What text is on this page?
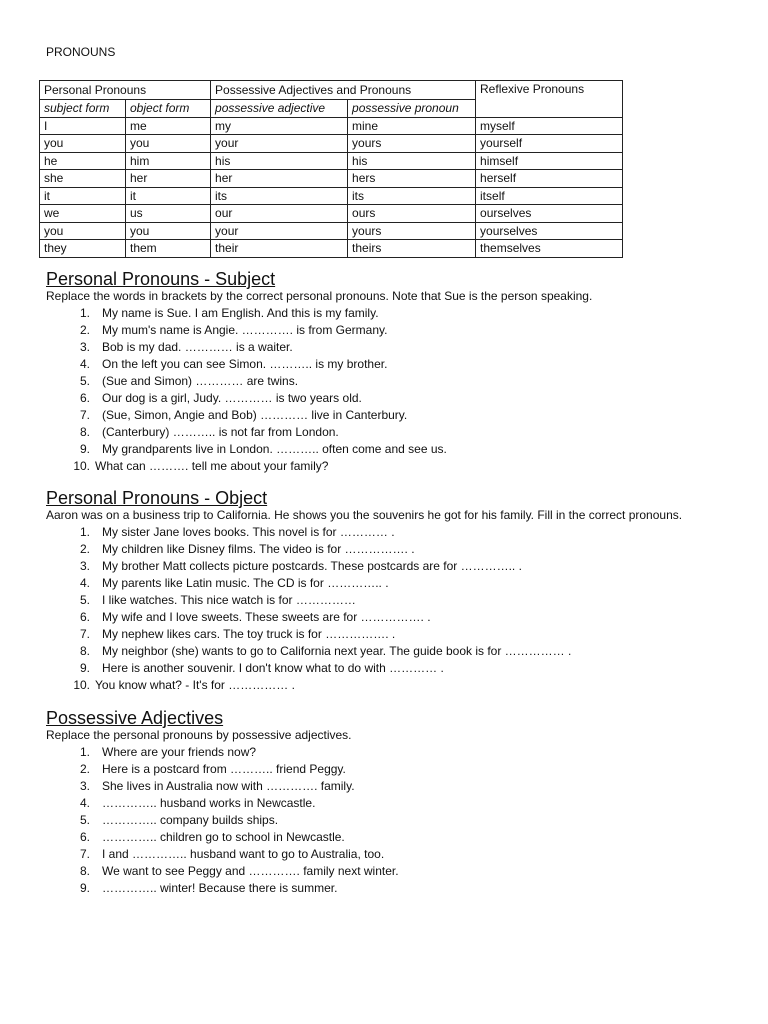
PRONOUNS
Personal Pronouns		Possessive Adjectives and Pronouns		Reflexive Pronouns
subject form	object form	possessive adjective	possessive pronoun	
I	me	my	mine	myself
you	you	your	yours	yourself
he	him	his	his	himself
she	her	her	hers	herself
it	it	its	its	itself
we	us	our	ours	ourselves
you	you	your	yours	yourselves
they	them	their	theirs	themselves
Personal Pronouns - Subject

Replace the words in brackets by the correct personal pronouns. Note that Sue is the person speaking.

1.	My name is Sue. I am English. And this is my family.
2.	My mum's name is Angie. …………. is from Germany.
3.	Bob is my dad. ………… is a waiter.
4.	On the left you can see Simon. ……….. is my brother.
5.	(Sue and Simon) ………… are twins.
6.	Our dog is a girl, Judy. ………… is two years old.
7.	(Sue, Simon, Angie and Bob) ………… live in Canterbury.
8.	(Canterbury) ……….. is not far from London.
9.	My grandparents live in London. ……….. often come and see us.
10. What can ………. tell me about your family?
Personal Pronouns - Object

Aaron was on a business trip to California. He shows you the souvenirs he got for his family. Fill in the correct pronouns.

1.	My sister Jane loves books. This novel is for ………… .
2.	My children like Disney films. The video is for ……………. .
3.	My brother Matt collects picture postcards. These postcards are for ………….. .
4.	My parents like Latin music. The CD is for ………….. .
5.	I like watches. This nice watch is for ……………
6.	My wife and I love sweets. These sweets are for ……………. .
7.	My nephew likes cars. The toy truck is for ……………. .
8.	My neighbor (she) wants to go to California next year. The guide book is for …………… .
9.	Here is another souvenir. I don't know what to do with ………… .
10. You know what? - It's for …………… .
Possessive Adjectives

Replace the personal pronouns by possessive adjectives.

1.	Where are your friends now?
2.	Here is a postcard from ……….. friend Peggy.
3.	She lives in Australia now with …………. family.
4.	………….. husband works in Newcastle.
5.	………….. company builds ships.
6.	………….. children go to school in Newcastle.
7.	I and ………….. husband want to go to Australia, too.
8.	We want to see Peggy and …………. family next winter.
9.	………….. winter! Because there is summer.
